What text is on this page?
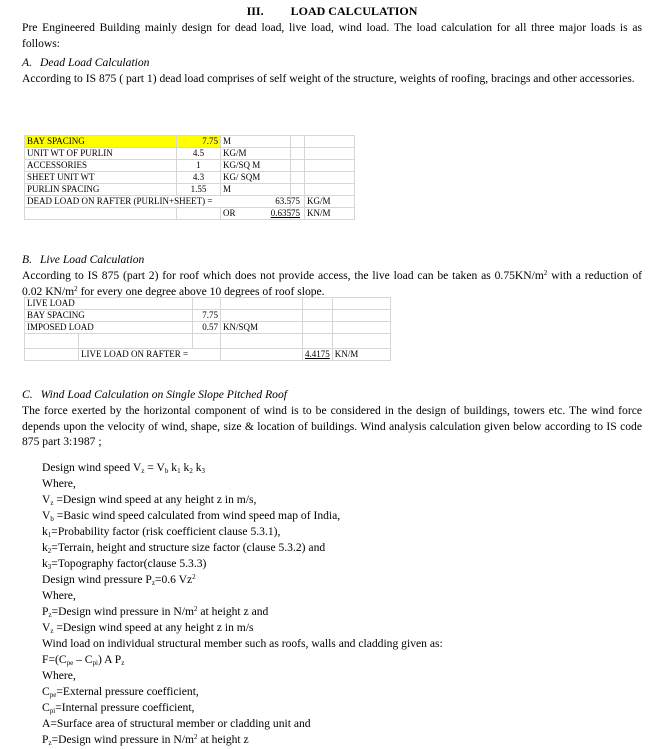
III. LOAD CALCULATION

Pre Engineered Building mainly design for dead load, live load, wind load. The load calculation for all three major loads is as follows:

A. Dead Load Calculation

According to IS 875 ( part 1) dead load comprises of self weight of the structure, weights of roofing, bracings and other accessories.

BAY SPACING	7.75	M		
UNIT WT OF PURLIN	4.5	KG/M		
ACCESSORIES	1	KG/SQ M		
SHEET UNIT WT	4.3	KG/ SQM		
PURLIN SPACING	1.55	M		
DEAD LOAD ON RAFTER (PURLIN+SHEET) =				63.575 KG/M
		OR		0.63575 KN/M
B. Live Load Calculation

According to IS 875 (part 2) for roof which does not provide access, the live load can be taken as $0.75KN/m^2$ with a reduction of 0.02 $KN/m^2$ for every one degree above 10 degrees of roof slope.

LIVE LOAD					
BAY SPACING		7.75			
IMPOSED LOAD		0.57	KN/SQM		

	LIVE LOAD ON RAFTER =			4.4175	KN/M
C. Wind Load Calculation on Single Slope Pitched Roof

The force exerted by the horizontal component of wind is to be considered in the design of buildings, towers etc. The wind force depends upon the velocity of wind, shape, size & location of buildings. Wind analysis calculation given below according to IS code 875 part 3:1987 ;

Design wind speed $V_z = V_b$ $k_1$ $k_2$ $k_3$
Where,
$V_z$ =Design wind speed at any height z in m/s,
$V_b$ =Basic wind speed calculated from wind speed map of India,
$k_1=Probability$ factor (risk coefficient clause 5.3.1),
$k_2=Terrain$, height and structure size factor (clause 5.3.2) and
$k_3=Topography$ factor(clause 5.3.3)
Design wind pressure $P_z=0.6$ Vz$^2$
Where,
$P_z=Design$ wind pressure in $N/m^2$ at height z and
$V_z$ =Design wind speed at any height z in m/s
Wind load on individual structural member such as roofs, walls and cladding given as:
$F=(C_{pe} - C_{pi})$ A $P_z$
Where,
$C_{pe}=External$ pressure coefficient,
$C_{pi}=Internal$ pressure coefficient,
A=Surface area of structural member or cladding unit and
$P_z=Design$ wind pressure in $N/m^2$ at height z
